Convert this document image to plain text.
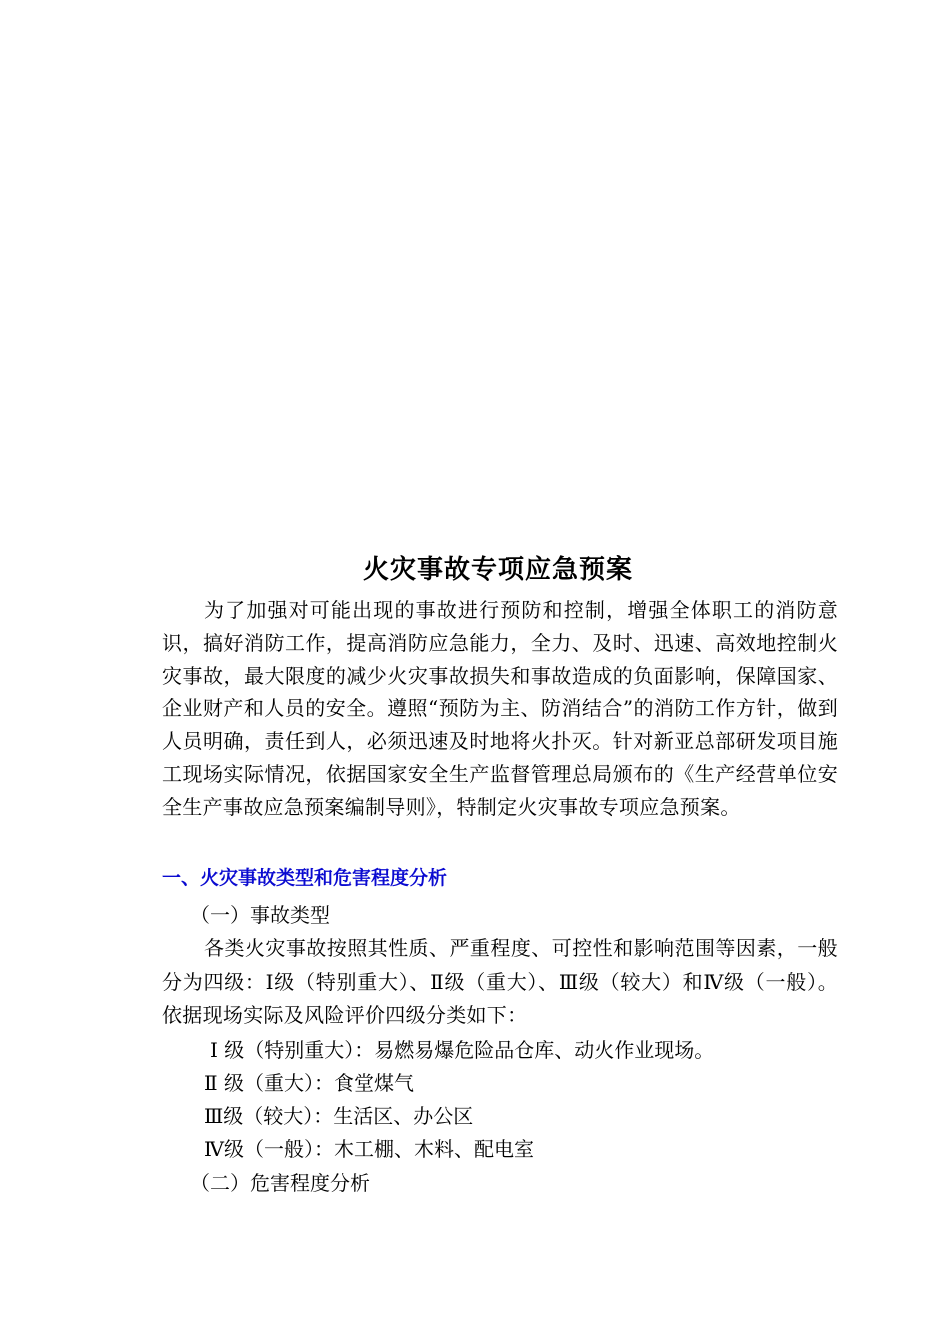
火灾事故专项应急预案

为了加强对可能出现的事故进行预防和控制，增强全体职工的消防意识，搞好消防工作，提高消防应急能力，全力、及时、迅速、高效地控制火灾事故，最大限度的减少火灾事故损失和事故造成的负面影响，保障国家、企业财产和人员的安全。遵照“预防为主、防消结合”的消防工作方针，做到人员明确，责任到人，必须迅速及时地将火扑灭。针对新亚总部研发项目施工现场实际情况，依据国家安全生产监督管理总局颁布的《生产经营单位安全生产事故应急预案编制导则》，特制定火灾事故专项应急预案。

一、火灾事故类型和危害程度分析
（一）事故类型

各类火灾事故按照其性质、严重程度、可控性和影响范围等因素，一般分为四级：Ⅰ级（特别重大）、Ⅱ级（重大）、Ⅲ级（较大）和Ⅳ级（一般）。依据现场实际及风险评价四级分类如下：

Ⅰ 级（特别重大）：易燃易爆危险品仓库、动火作业现场。
Ⅱ 级（重大）：食堂煤气
Ⅲ级（较大）：生活区、办公区
Ⅳ级（一般）：木工棚、木料、配电室
（二）危害程度分析
